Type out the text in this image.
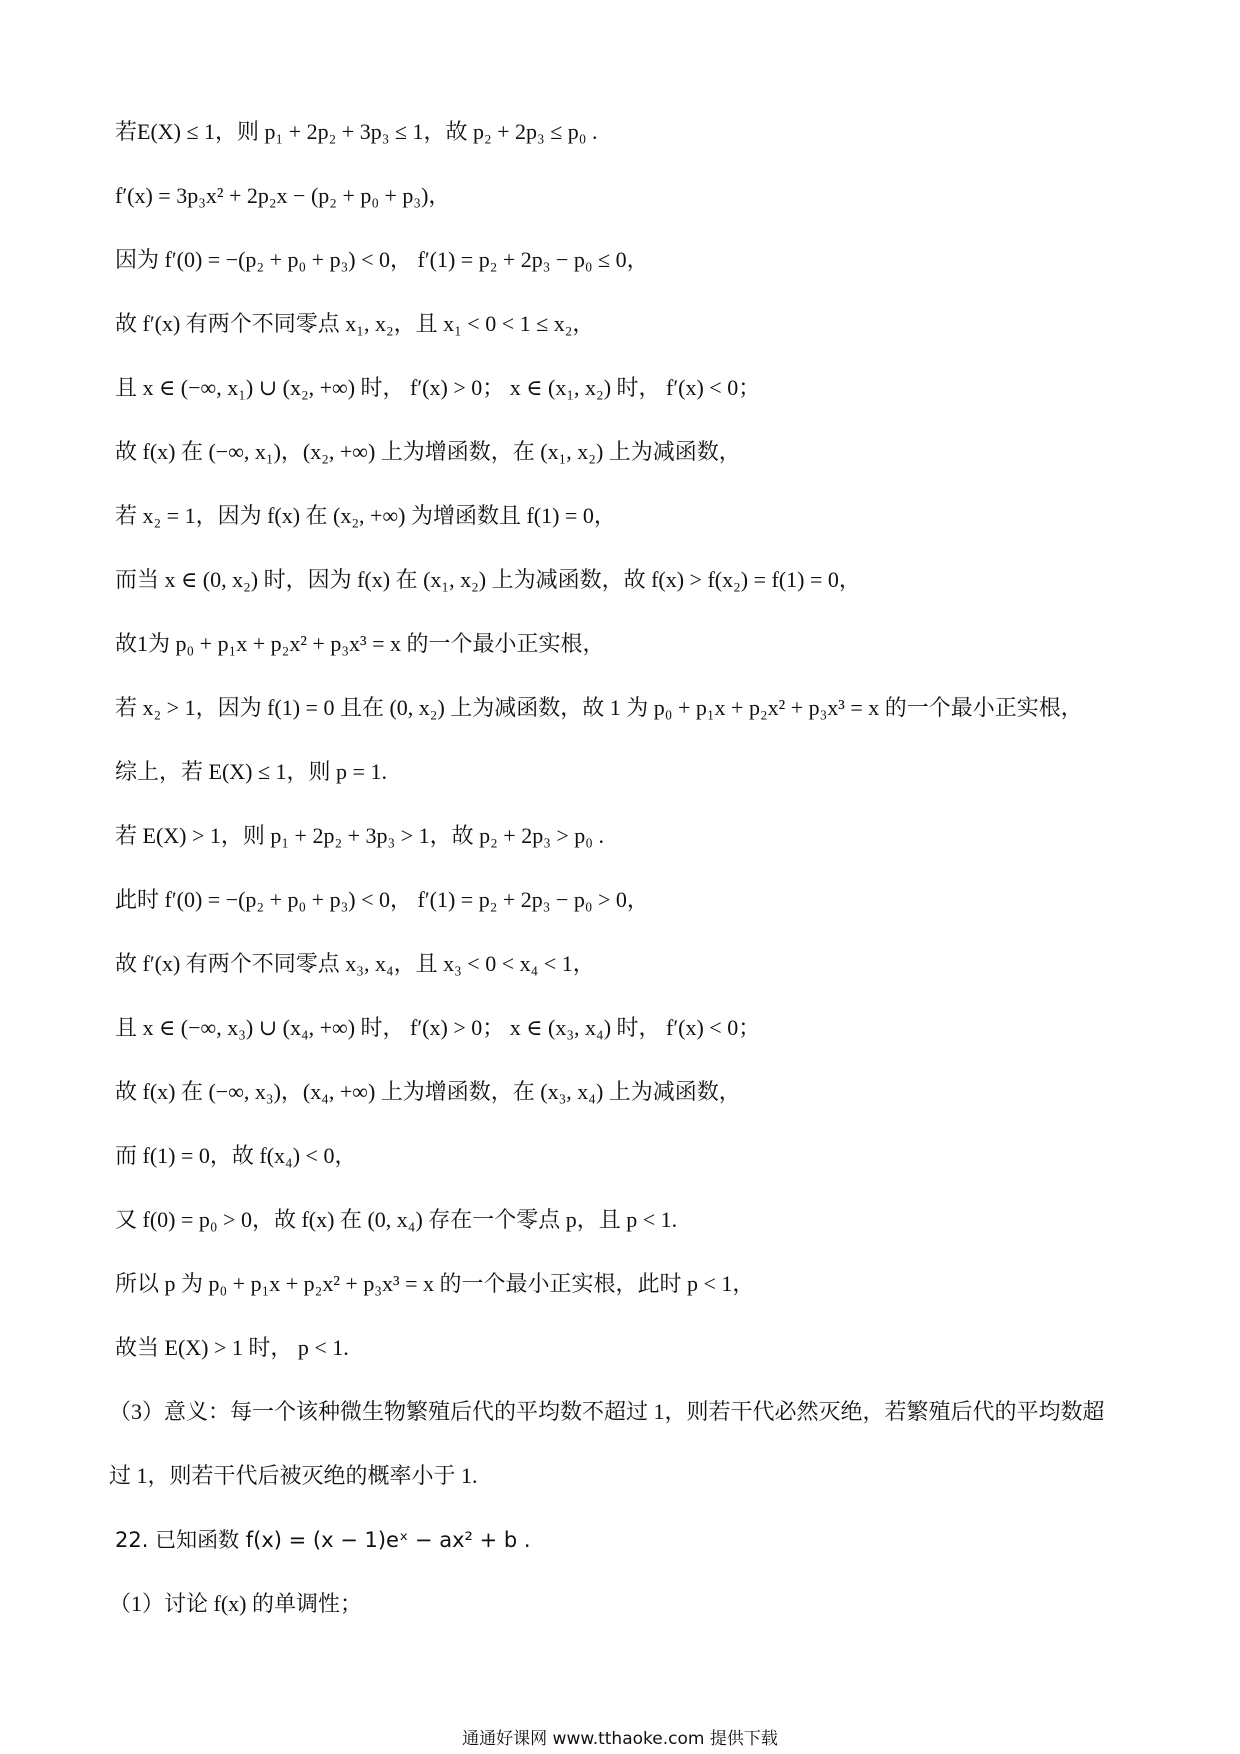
若E(X) ≤ 1，则 p₁ + 2p₂ + 3p₃ ≤ 1，故 p₂ + 2p₃ ≤ p₀ .
f′(x) = 3p₃x² + 2p₂x − (p₂ + p₀ + p₃)，
因为 f′(0) = −(p₂ + p₀ + p₃) < 0， f′(1) = p₂ + 2p₃ − p₀ ≤ 0，
故 f′(x) 有两个不同零点 x₁, x₂，且 x₁ < 0 < 1 ≤ x₂，
且 x ∈ (−∞, x₁) ∪ (x₂, +∞) 时， f′(x) > 0； x ∈ (x₁, x₂) 时， f′(x) < 0；
故 f(x) 在 (−∞, x₁)，(x₂, +∞) 上为增函数，在 (x₁, x₂) 上为减函数，
若 x₂ = 1，因为 f(x) 在 (x₂, +∞) 为增函数且 f(1) = 0，
而当 x ∈ (0, x₂) 时，因为 f(x) 在 (x₁, x₂) 上为减函数，故 f(x) > f(x₂) = f(1) = 0，
故1为 p₀ + p₁x + p₂x² + p₃x³ = x 的一个最小正实根，
若 x₂ > 1，因为 f(1) = 0 且在 (0, x₂) 上为减函数，故 1 为 p₀ + p₁x + p₂x² + p₃x³ = x 的一个最小正实根，
综上，若 E(X) ≤ 1，则 p = 1.
若 E(X) > 1，则 p₁ + 2p₂ + 3p₃ > 1，故 p₂ + 2p₃ > p₀ .
此时 f′(0) = −(p₂ + p₀ + p₃) < 0， f′(1) = p₂ + 2p₃ − p₀ > 0，
故 f′(x) 有两个不同零点 x₃, x₄，且 x₃ < 0 < x₄ < 1，
且 x ∈ (−∞, x₃) ∪ (x₄, +∞) 时， f′(x) > 0； x ∈ (x₃, x₄) 时， f′(x) < 0；
故 f(x) 在 (−∞, x₃)，(x₄, +∞) 上为增函数，在 (x₃, x₄) 上为减函数，
而 f(1) = 0，故 f(x₄) < 0，
又 f(0) = p₀ > 0，故 f(x) 在 (0, x₄) 存在一个零点 p，且 p < 1.
所以 p 为 p₀ + p₁x + p₂x² + p₃x³ = x 的一个最小正实根，此时 p < 1，
故当 E(X) > 1 时， p < 1.
（3）意义：每一个该种微生物繁殖后代的平均数不超过 1，则若干代必然灭绝，若繁殖后代的平均数超过 1，则若干代后被灭绝的概率小于 1.
22. 已知函数 f(x) = (x − 1)eˣ − ax² + b .
（1）讨论 f(x) 的单调性；
通通好课网 www.tthaoke.com 提供下载
